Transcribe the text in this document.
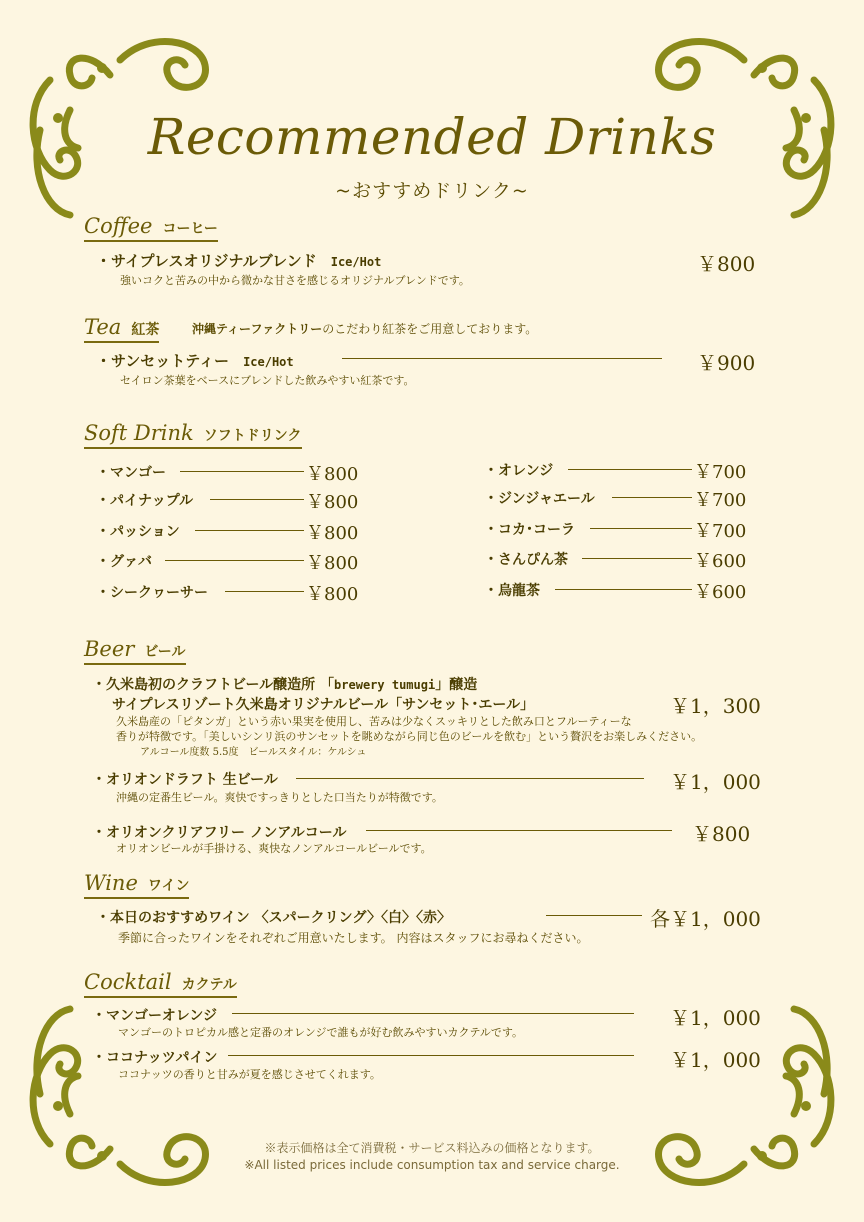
Recommended Drinks
~おすすめドリンク~
Coffee コーヒー
・サイプレスオリジナルブレンド Ice/Hot	￥800
強いコクと苦みの中から微かな甘さを感じるオリジナルブレンドです。
Tea 紅茶	沖縄ティーファクトリーのこだわり紅茶をご用意しております。
・サンセットティー Ice/Hot	￥900
セイロン茶葉をベースにブレンドした飲みやすい紅茶です。
Soft Drink ソフトドリンク
・マンゴー	￥800
・パイナップル	￥800
・パッション	￥800
・グァバ	￥800
・シークヮーサー	￥800
・オレンジ	￥700
・ジンジャエール	￥700
・コカ･コーラ	￥700
・さんぴん茶	￥600
・烏龍茶	￥600
Beer ビール
・久米島初のクラフトビール醸造所 「brewery tumugi」醸造
サイプレスリゾート久米島オリジナルビール「サンセット･エール」	￥1，300
久米島産の「ピタンガ」という赤い果実を使用し、苦みは少なくスッキリとした飲み口とフルーティーな
香りが特徴です。「美しいシンリ浜のサンセットを眺めながら同じ色のビールを飲む」という贅沢をお楽しみください。
アルコール度数 5.5度　ビールスタイル：ケルシュ
・オリオンドラフト 生ビール	￥1，000
沖縄の定番生ビール。爽快ですっきりとした口当たりが特徴です。
・オリオンクリアフリー ノンアルコール	￥800
オリオンビールが手掛ける、爽快なノンアルコールビールです。
Wine ワイン
・本日のおすすめワイン 〈スパークリング〉〈白〉〈赤〉	各￥1，000
季節に合ったワインをそれぞれご用意いたします。 内容はスタッフにお尋ねください。
Cocktail カクテル
・マンゴーオレンジ	￥1，000
マンゴーのトロピカル感と定番のオレンジで誰もが好む飲みやすいカクテルです。
・ココナッツパイン	￥1，000
ココナッツの香りと甘みが夏を感じさせてくれます。
※表示価格は全て消費税・サービス料込みの価格となります。
※All listed prices include consumption tax and service charge.
